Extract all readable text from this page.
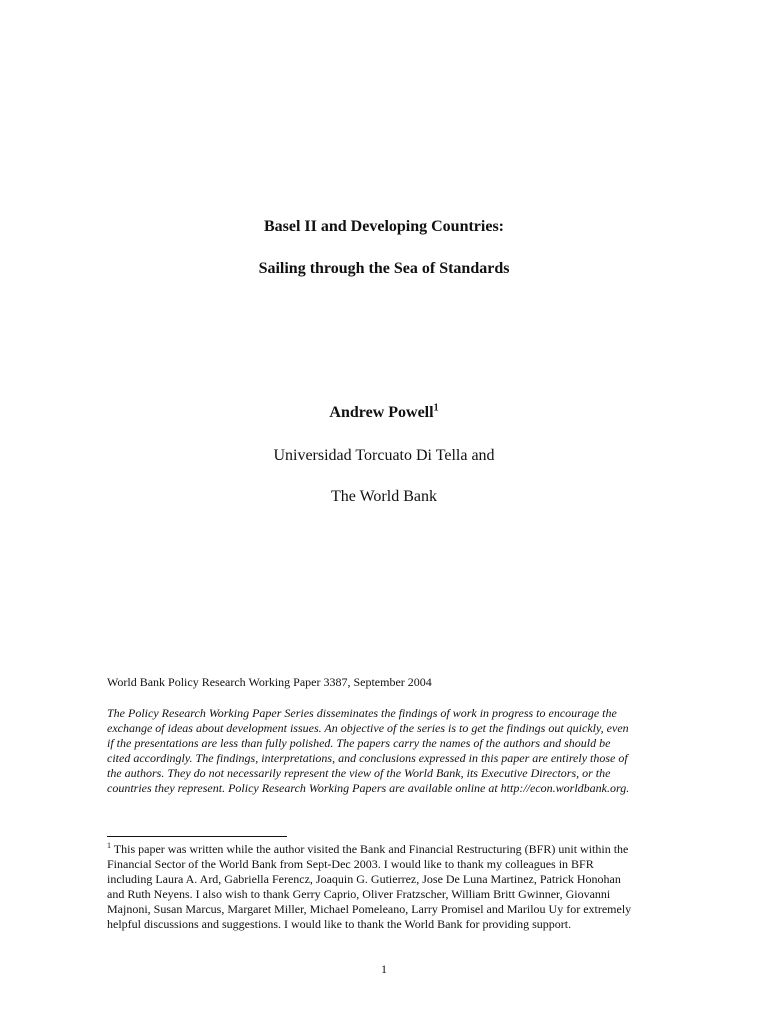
Basel II and Developing Countries:
Sailing through the Sea of Standards
Andrew Powell$^1$
Universidad Torcuato Di Tella and
The World Bank
World Bank Policy Research Working Paper 3387, September 2004
The Policy Research Working Paper Series disseminates the findings of work in progress to encourage the
exchange of ideas about development issues. An objective of the series is to get the findings out quickly, even
if the presentations are less than fully polished. The papers carry the names of the authors and should be
cited accordingly. The findings, interpretations, and conclusions expressed in this paper are entirely those of
the authors. They do not necessarily represent the view of the World Bank, its Executive Directors, or the
countries they represent. Policy Research Working Papers are available online at http://econ.worldbank.org.
$^1$ This paper was written while the author visited the Bank and Financial Restructuring (BFR) unit within the
Financial Sector of the World Bank from Sept-Dec 2003. I would like to thank my colleagues in BFR
including Laura A. Ard, Gabriella Ferencz, Joaquin G. Gutierrez, Jose De Luna Martinez, Patrick Honohan
and Ruth Neyens. I also wish to thank Gerry Caprio, Oliver Fratzscher, William Britt Gwinner, Giovanni
Majnoni, Susan Marcus, Margaret Miller, Michael Pomeleano, Larry Promisel and Marilou Uy for extremely
helpful discussions and suggestions. I would like to thank the World Bank for providing support.
1
